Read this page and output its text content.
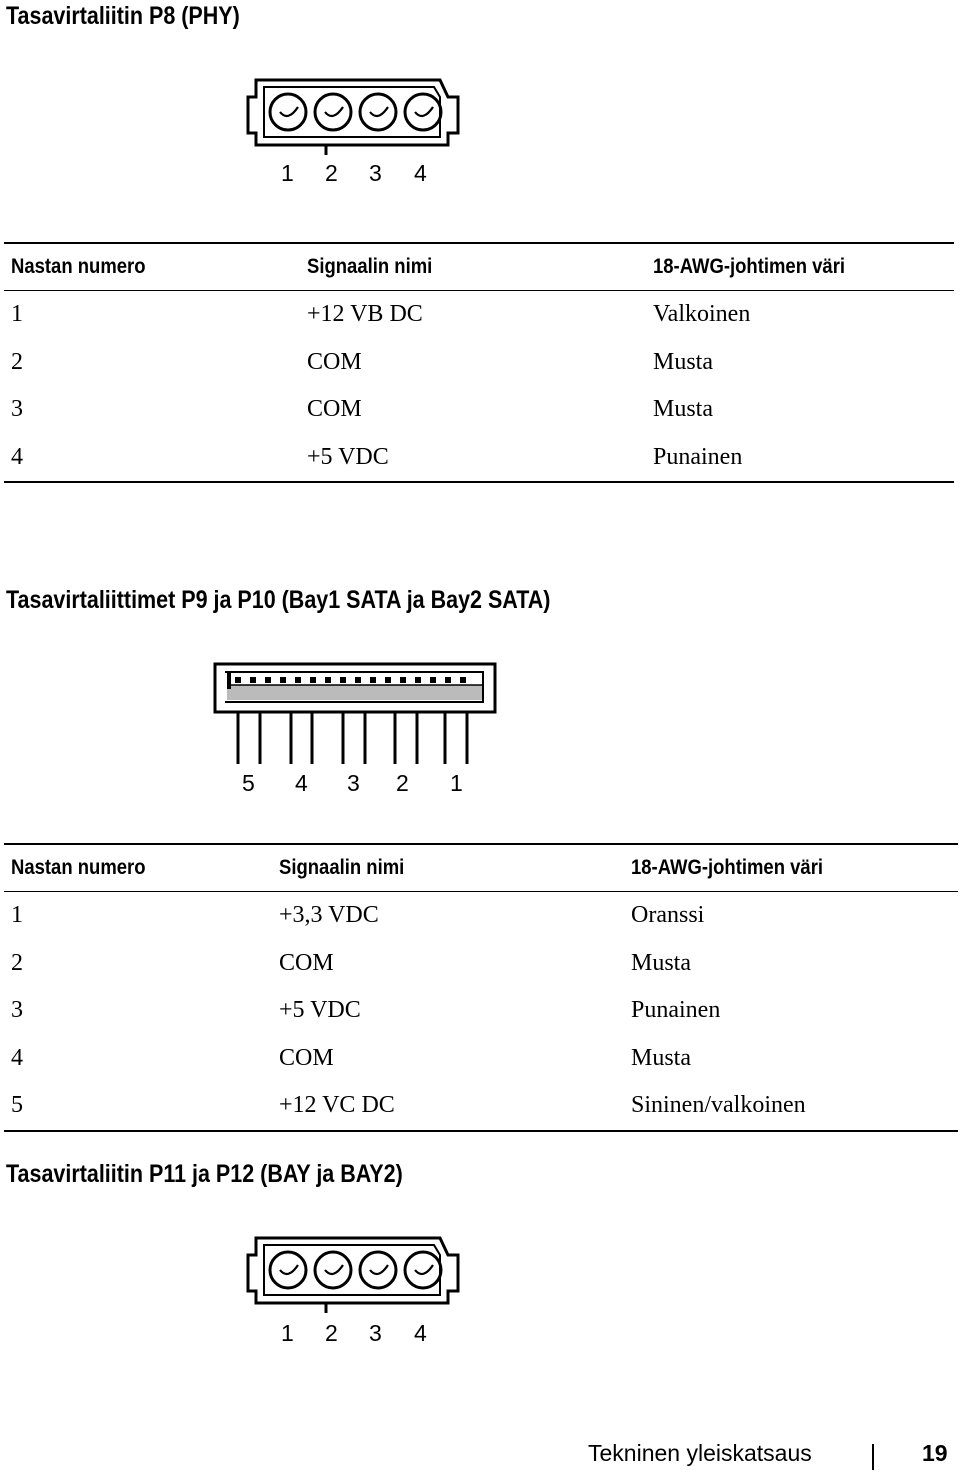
Tasavirtaliitin P8 (PHY)
1 2 3 4
Nastan numero	Signaalin nimi	18-AWG-johtimen väri
1	+12 VB DC	Valkoinen
2	COM	Musta
3	COM	Musta
4	+5 VDC	Punainen
Tasavirtaliittimet P9 ja P10 (Bay1 SATA ja Bay2 SATA)
5 4 3 2 1
Nastan numero	Signaalin nimi	18-AWG-johtimen väri
1	+3,3 VDC	Oranssi
2	COM	Musta
3	+5 VDC	Punainen
4	COM	Musta
5	+12 VC DC	Sininen/valkoinen
Tasavirtaliitin P11 ja P12 (BAY ja BAY2)
1 2 3 4
Tekninen yleiskatsaus	19
